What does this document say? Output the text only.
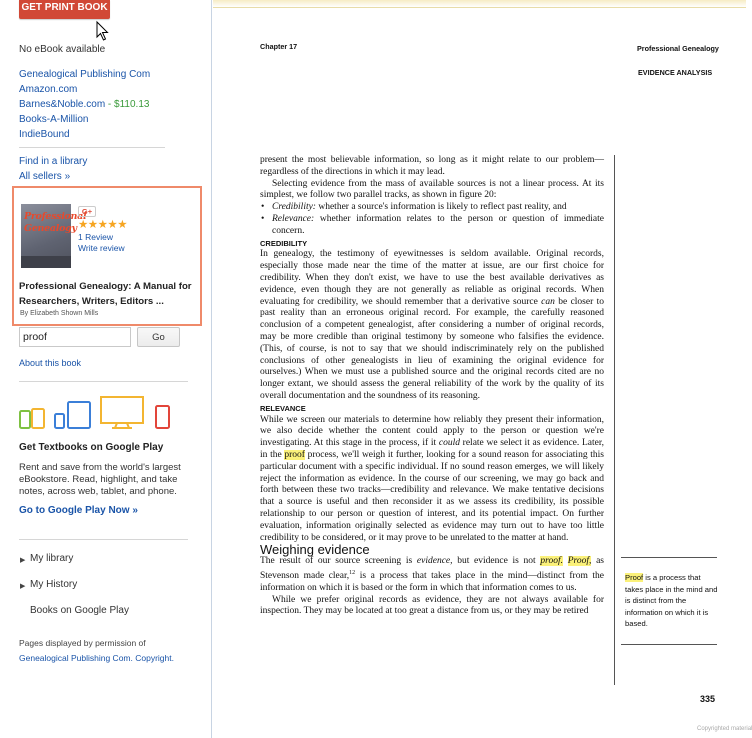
GET PRINT BOOK
No eBook available
Genealogical Publishing Com
Amazon.com
Barnes&Noble.com - $110.13
Books-A-Million
IndieBound
Find in a library
All sellers »
Professional
Genealogy
G+
★★★★★
1 Review
Write review
Professional Genealogy: A Manual for Researchers, Writers, Editors ...
By Elizabeth Shown Mills
proof
Go
About this book
Get Textbooks on Google Play
Rent and save from the world's largest eBookstore. Read, highlight, and take notes, across web, tablet, and phone.
Go to Google Play Now »
▶ My library
▶ My History
Books on Google Play
Pages displayed by permission of
Genealogical Publishing Com. Copyright.
Chapter 17	Professional Genealogy
EVIDENCE ANALYSIS

present the most believable information, so long as it might relate to our problem—regardless of the directions in which it may lead.

Selecting evidence from the mass of available sources is not a linear process. At its simplest, we follow two parallel tracks, as shown in figure 20:

• Credibility: whether a source's information is likely to reflect past reality, and

• Relevance: whether information relates to the person or question of immediate concern.

CREDIBILITY

In genealogy, the testimony of eyewitnesses is seldom available. Original records, especially those made near the time of the matter at issue, are our first choice for credibility. When they don't exist, we have to use the best available derivatives as evidence, even though they are not generally as reliable as original records. When evaluating for credibility, we should remember that a derivative source can be closer to past reality than an erroneous original record. For example, the carefully reasoned conclusion of a competent genealogist, after considering a number of original records, may be more credible than original testimony by someone who falsifies the evidence. (This, of course, is not to say that we should indiscriminately rely on the published conclusions of other genealogists in lieu of examining the original evidence for ourselves.) When we must use a published source and the original records cited are no longer extant, we should assess the general reliability of the work by the quality of its overall documentation and the soundness of its reasoning.

RELEVANCE

While we screen our materials to determine how reliably they present their information, we also decide whether the content could apply to the person or question we're investigating. At this stage in the process, if it could relate we select it as evidence. Later, in the proof process, we'll weigh it further, looking for a sound reason for associating this particular document with a specific individual. If no sound reason emerges, we will likely reject the information as evidence. In the course of our screening, we may go back and forth between these two tracks—credibility and relevance. We make tentative decisions that a source is useful and then reconsider it as we assess its credibility, its possible relationship to our person or question of interest, and its potential impact. On further evaluation, information originally selected as evidence may turn out to have too little credibility to be considered, or it may prove to be unrelated to the matter at hand.

Weighing evidence

The result of our source screening is evidence, but evidence is not proof. Proof, as Stevenson made clear,$^{12}$ is a process that takes place in the mind—distinct from the information on which it is based or the form in which that information comes to us.

While we prefer original records as evidence, they are not always available for inspection. They may be located at too great a distance from us, or they may be retired

Proof is a process that takes place in the mind and is distinct from the information on which it is based.
335
Copyrighted material
